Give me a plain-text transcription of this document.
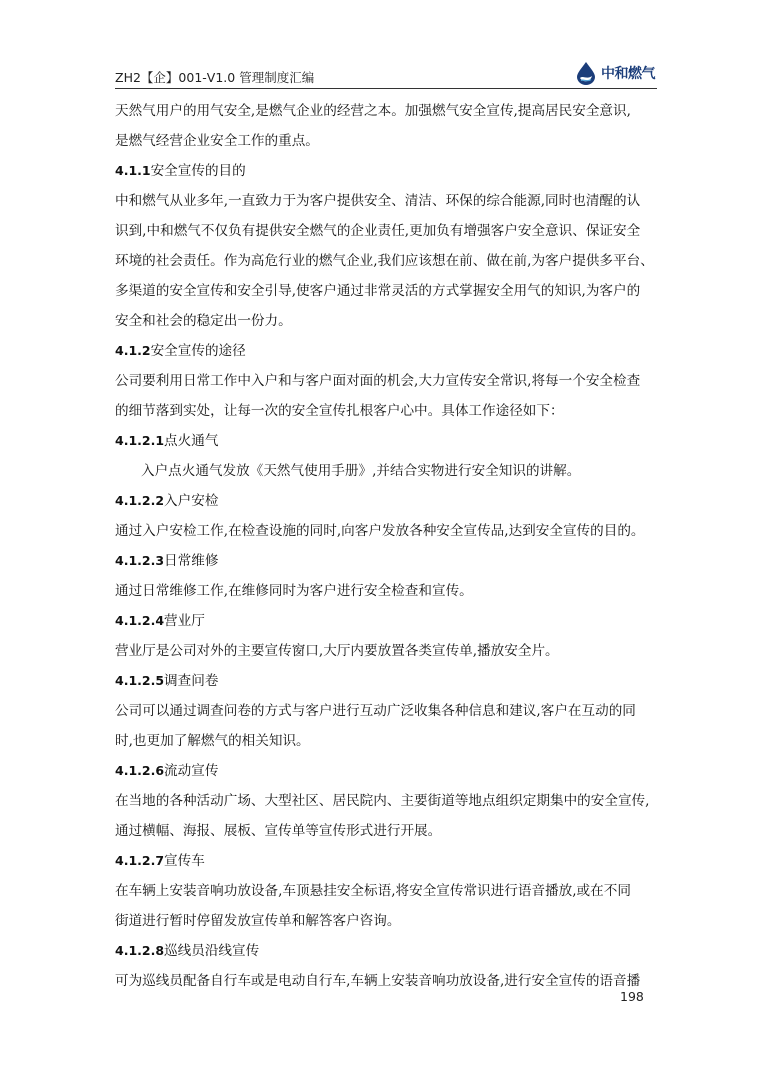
ZH2【企】001-V1.0 管理制度汇编	中和燃气
天然气用户的用气安全,是燃气企业的经营之本。加强燃气安全宣传,提高居民安全意识,
是燃气经营企业安全工作的重点。
4.1.1安全宣传的目的
中和燃气从业多年,一直致力于为客户提供安全、清洁、环保的综合能源,同时也清醒的认
识到,中和燃气不仅负有提供安全燃气的企业责任,更加负有增强客户安全意识、保证安全
环境的社会责任。作为高危行业的燃气企业,我们应该想在前、做在前,为客户提供多平台、
多渠道的安全宣传和安全引导,使客户通过非常灵活的方式掌握安全用气的知识,为客户的
安全和社会的稳定出一份力。
4.1.2安全宣传的途径
公司要利用日常工作中入户和与客户面对面的机会,大力宣传安全常识,将每一个安全检查
的细节落到实处，让每一次的安全宣传扎根客户心中。具体工作途径如下：
4.1.2.1点火通气
入户点火通气发放《天然气使用手册》,并结合实物进行安全知识的讲解。
4.1.2.2入户安检
通过入户安检工作,在检查设施的同时,向客户发放各种安全宣传品,达到安全宣传的目的。
4.1.2.3日常维修
通过日常维修工作,在维修同时为客户进行安全检查和宣传。
4.1.2.4营业厅
营业厅是公司对外的主要宣传窗口,大厅内要放置各类宣传单,播放安全片。
4.1.2.5调查问卷
公司可以通过调查问卷的方式与客户进行互动广泛收集各种信息和建议,客户在互动的同
时,也更加了解燃气的相关知识。
4.1.2.6流动宣传
在当地的各种活动广场、大型社区、居民院内、主要街道等地点组织定期集中的安全宣传,
通过横幅、海报、展板、宣传单等宣传形式进行开展。
4.1.2.7宣传车
在车辆上安装音响功放设备,车顶悬挂安全标语,将安全宣传常识进行语音播放,或在不同
街道进行暂时停留发放宣传单和解答客户咨询。
4.1.2.8巡线员沿线宣传
可为巡线员配备自行车或是电动自行车,车辆上安装音响功放设备,进行安全宣传的语音播
198
